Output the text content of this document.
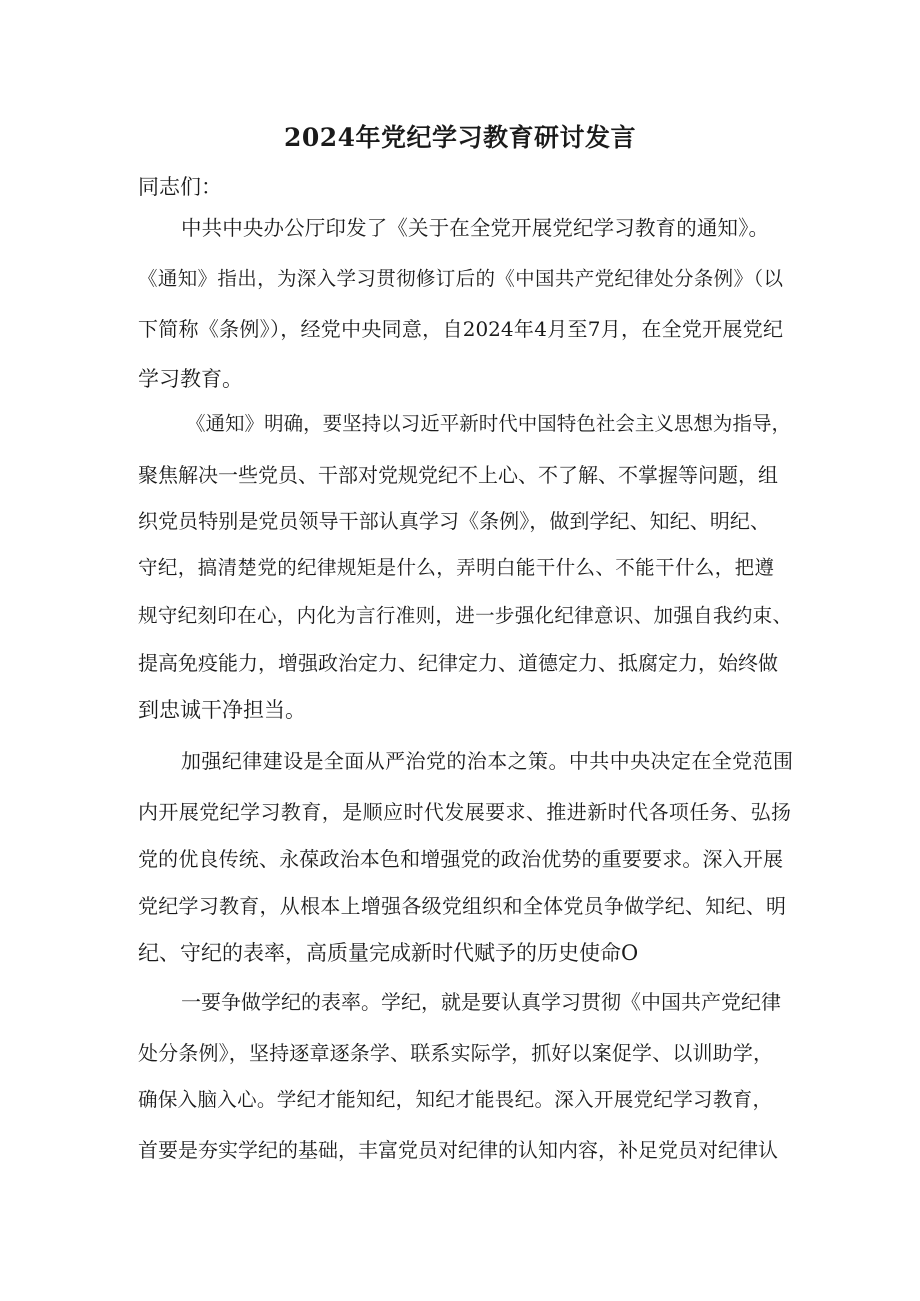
2024年党纪学习教育研讨发言
同志们：
中共中央办公厅印发了《关于在全党开展党纪学习教育的通知》。
《通知》指出，为深入学习贯彻修订后的《中国共产党纪律处分条例》（以
下简称《条例》），经党中央同意，自2024年4月至7月，在全党开展党纪
学习教育。
《通知》明确，要坚持以习近平新时代中国特色社会主义思想为指导，
聚焦解决一些党员、干部对党规党纪不上心、不了解、不掌握等问题，组
织党员特别是党员领导干部认真学习《条例》，做到学纪、知纪、明纪、
守纪，搞清楚党的纪律规矩是什么，弄明白能干什么、不能干什么，把遵
规守纪刻印在心，内化为言行准则，进一步强化纪律意识、加强自我约束、
提高免疫能力，增强政治定力、纪律定力、道德定力、抵腐定力，始终做
到忠诚干净担当。
加强纪律建设是全面从严治党的治本之策。中共中央决定在全党范围
内开展党纪学习教育，是顺应时代发展要求、推进新时代各项任务、弘扬
党的优良传统、永葆政治本色和增强党的政治优势的重要要求。深入开展
党纪学习教育，从根本上增强各级党组织和全体党员争做学纪、知纪、明
纪、守纪的表率，高质量完成新时代赋予的历史使命O
一要争做学纪的表率。学纪，就是要认真学习贯彻《中国共产党纪律
处分条例》，坚持逐章逐条学、联系实际学，抓好以案促学、以训助学，
确保入脑入心。学纪才能知纪，知纪才能畏纪。深入开展党纪学习教育，
首要是夯实学纪的基础，丰富党员对纪律的认知内容，补足党员对纪律认
